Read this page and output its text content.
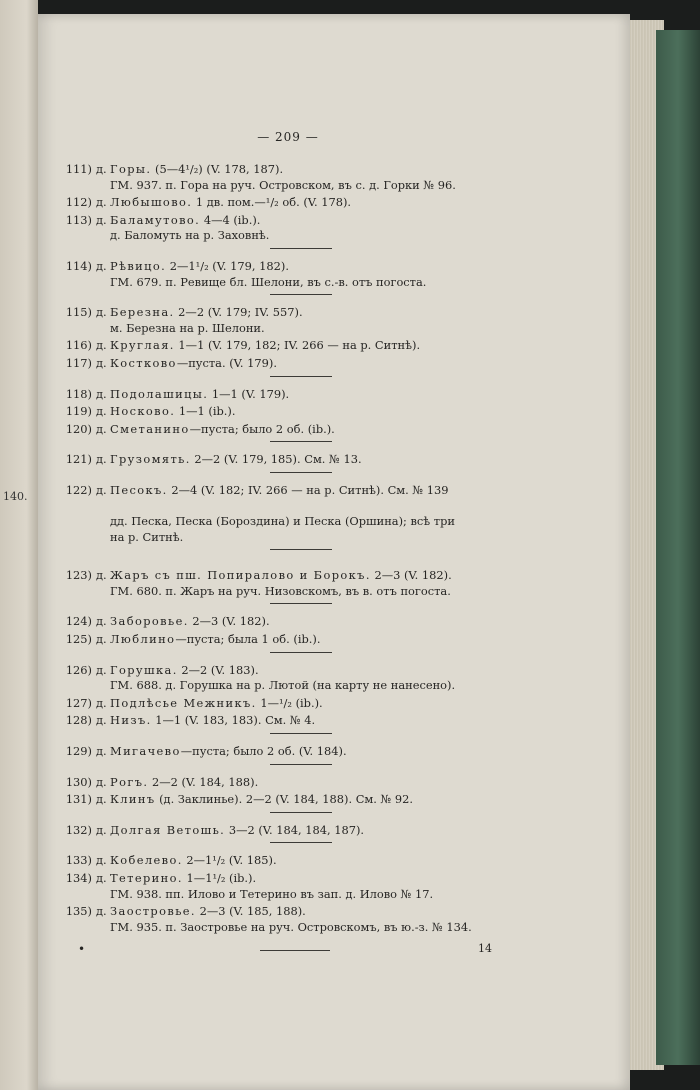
— 209 —
111) д. Горы. (5—4¹/₂) (V. 178, 187).
ГМ. 937. п. Гора на руч. Островском, въ с. д. Горки № 96.
112) д. Любышово. 1 дв. пом.—¹/₂ об. (V. 178).
113) д. Баламутово. 4—4 (ib.).
д. Баломуть на р. Заховнѣ.
114) д. Рѣвицо. 2—1¹/₂ (V. 179, 182).
ГМ. 679. п. Ревище бл. Шелони, въ с.-в. отъ погоста.
115) д. Березна. 2—2 (V. 179; IV. 557).
м. Березна на р. Шелони.
116) д. Круглая. 1—1 (V. 179, 182; IV. 266 — на р. Ситнѣ).
117) д. Костково—пуста. (V. 179).
118) д. Подолашицы. 1—1 (V. 179).
119) д. Носково. 1—1 (ib.).
120) д. Сметанино—пуста; было 2 об. (ib.).
121) д. Грузомять. 2—2 (V. 179, 185). См. № 13.
122) д. Песокъ. 2—4 (V. 182; IV. 266 — на р. Ситнѣ). См. № 139

дд. Песка, Песка (Бороздина) и Песка (Оршина); всѣ три
на р. Ситнѣ.
123) д. Жаръ съ пш. Попиралово и Борокъ. 2—3 (V. 182).
ГМ. 680. п. Жаръ на руч. Низовскомъ, въ в. отъ погоста.
124) д. Заборовье. 2—3 (V. 182).
125) д. Люблино—пуста; была 1 об. (ib.).
126) д. Горушка. 2—2 (V. 183).
ГМ. 688. д. Горушка на р. Лютой (на карту не нанесено).
127) д. Подлѣсье Межникъ. 1—¹/₂ (ib.).
128) д. Низъ. 1—1 (V. 183, 183). См. № 4.
129) д. Мигачево—пуста; было 2 об. (V. 184).
130) д. Рогъ. 2—2 (V. 184, 188).
131) д. Клинъ (д. Заклинье). 2—2 (V. 184, 188). См. № 92.
132) д. Долгая Ветошь. 3—2 (V. 184, 184, 187).
133) д. Кобелево. 2—1¹/₂ (V. 185).
134) д. Тетерино. 1—1¹/₂ (ib.).
ГМ. 938. пп. Илово и Тетерино въ зап. д. Илово № 17.
135) д. Заостровье. 2—3 (V. 185, 188).
ГМ. 935. п. Заостровье на руч. Островскомъ, въ ю.-з. № 134.
•	14
140.
